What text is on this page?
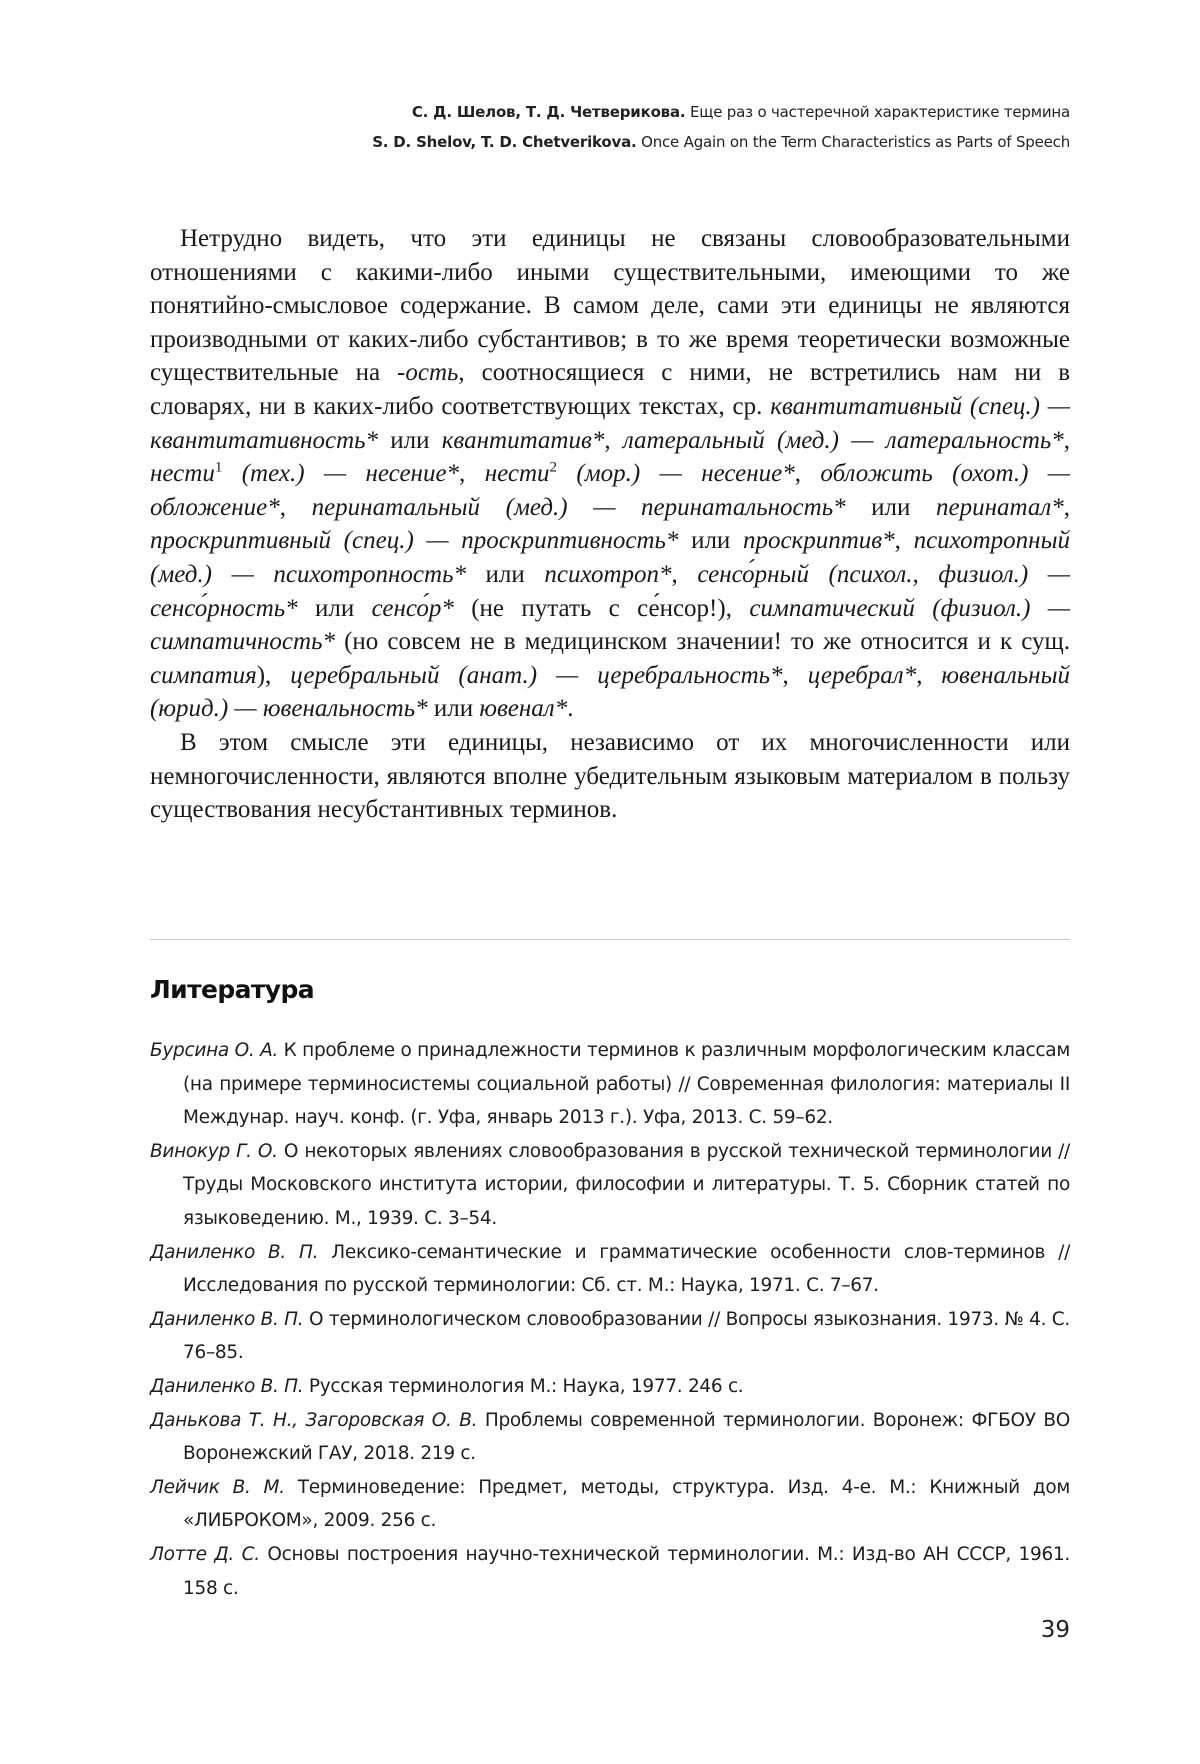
С. Д. Шелов, Т. Д. Четверикова. Еще раз о частеречной характеристике термина
S. D. Shelov, T. D. Chetverikova. Once Again on the Term Characteristics as Parts of Speech

Нетрудно видеть, что эти единицы не связаны словообразовательными отношениями с какими-либо иными существительными, имеющими то же понятийно-смысловое содержание. В самом деле, сами эти единицы не являются производными от каких-либо субстантивов; в то же время теоретически возможные существительные на -ость, соотносящиеся с ними, не встретились нам ни в словарях, ни в каких-либо соответствующих текстах, ср. квантитативный (спец.) — квантитативность* или квантитатив*, латеральный (мед.) — латеральность*, нести$^1$ (тех.) — несение*, нести$^2$ (мор.) — несение*, обложить (охот.) — обложение*, перинатальный (мед.) — перинатальность* или перинатал*, проскриптивный (спец.) — проскриптивность* или проскриптив*, психотропный (мед.) — психотропность* или психотроп*, сенсо́рный (психол., физиол.) — сенсо́рность* или сенсо́р* (не путать с се́нсор!), симпатический (физиол.) — симпатичность* (но совсем не в медицинском значении! то же относится и к сущ. симпатия), церебральный (анат.) — церебральность*, церебрал*, ювенальный (юрид.) — ювенальность* или ювенал*.

В этом смысле эти единицы, независимо от их многочисленности или немногочисленности, являются вполне убедительным языковым материалом в пользу существования несубстантивных терминов.

Литература
Бурсина О. А. К проблеме о принадлежности терминов к различным морфологическим классам (на примере терминосистемы социальной работы) // Современная филология: материалы II Междунар. науч. конф. (г. Уфа, январь 2013 г.). Уфа, 2013. С. 59–62.
Винокур Г. О. О некоторых явлениях словообразования в русской технической терминологии // Труды Московского института истории, философии и литературы. Т. 5. Сборник статей по языковедению. М., 1939. С. 3–54.
Даниленко В. П. Лексико-семантические и грамматические особенности слов-терминов // Исследования по русской терминологии: Сб. ст. М.: Наука, 1971. С. 7–67.
Даниленко В. П. О терминологическом словообразовании // Вопросы языкознания. 1973. № 4. С. 76–85.
Даниленко В. П. Русская терминология М.: Наука, 1977. 246 с.
Данькова Т. Н., Загоровская О. В. Проблемы современной терминологии. Воронеж: ФГБОУ ВО Воронежский ГАУ, 2018. 219 с.
Лейчик В. М. Терминоведение: Предмет, методы, структура. Изд. 4-е. М.: Книжный дом «ЛИБРОКОМ», 2009. 256 с.
Лотте Д. С. Основы построения научно-технической терминологии. М.: Изд-во АН СССР, 1961. 158 с.
39
